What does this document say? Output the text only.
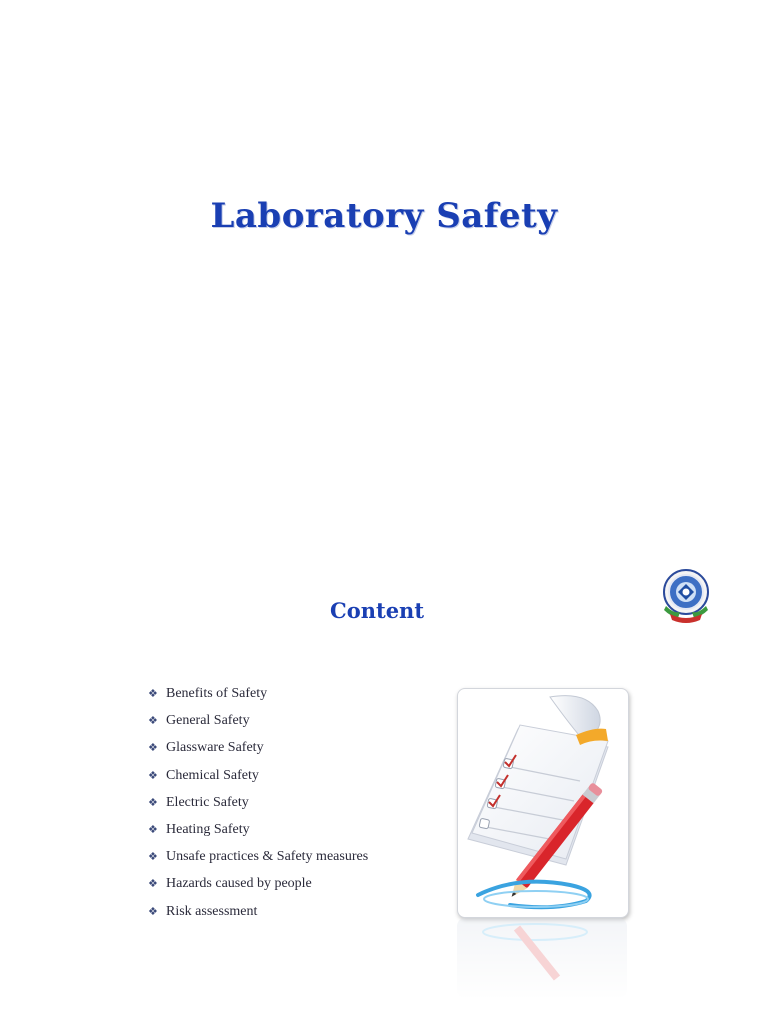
Laboratory Safety
Content
❖ Benefits of Safety
❖ General Safety
❖ Glassware Safety
❖ Chemical Safety
❖ Electric Safety
❖ Heating Safety
❖ Unsafe practices & Safety measures
❖ Hazards caused by people
❖ Risk assessment
